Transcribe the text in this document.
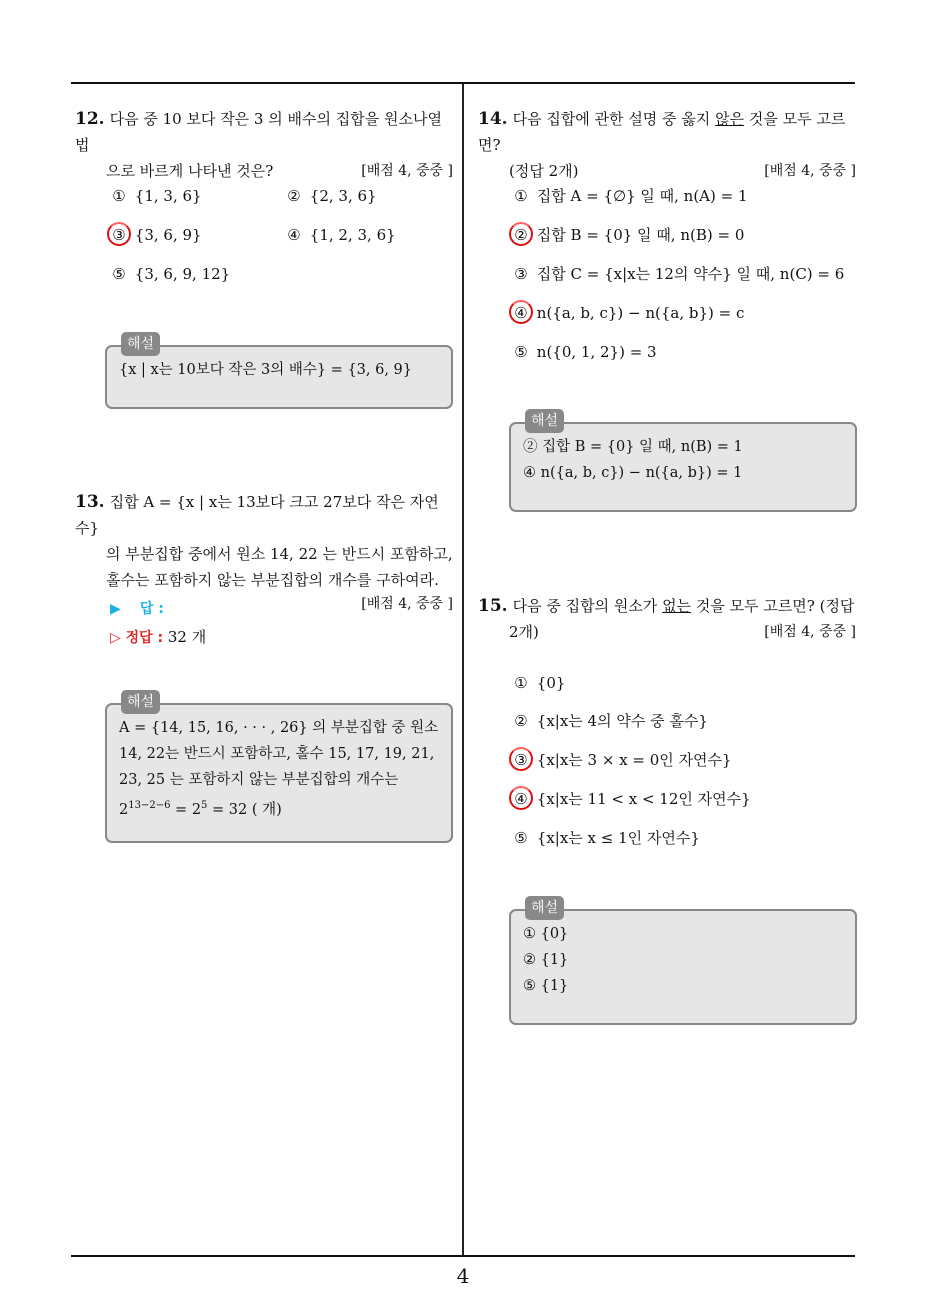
4
12. 다음 중 10 보다 작은 3 의 배수의 집합을 원소나열법
으로 바르게 나타낸 것은?	[배점 4, 중중 ]
① {1, 3, 6}	② {2, 3, 6}
③ {3, 6, 9}	④ {1, 2, 3, 6}
⑤ {3, 6, 9, 12}
해설
{x | x는 10보다 작은 3의 배수} = {3, 6, 9}
13. 집합 A = {x | x는 13보다 크고 27보다 작은 자연수}
의 부분집합 중에서 원소 14, 22 는 반드시 포함하고,
홀수는 포함하지 않는 부분집합의 개수를 구하여라.
[배점 4, 중중 ]
▶ 답 :
▷ 정답 : 32 개
해설
A = {14, 15, 16, · · · , 26} 의 부분집합 중 원소
14, 22는 반드시 포함하고, 홀수 15, 17, 19, 21,
23, 25 는 포함하지 않는 부분집합의 개수는
$2^{13-2-6} = 2^5 = 32$ ( 개)
14. 다음 집합에 관한 설명 중 옳지 않은 것을 모두 고르면?
(정답 2개)	[배점 4, 중중 ]
① 집합 A = {∅} 일 때, n(A) = 1
② 집합 B = {0} 일 때, n(B) = 0
③ 집합 C = {x|x는 12의 약수} 일 때, n(C) = 6
④ n({a, b, c}) − n({a, b}) = c
⑤ n({0, 1, 2}) = 3
해설
② 집합 B = {0} 일 때, n(B) = 1
④ n({a, b, c}) − n({a, b}) = 1
15. 다음 중 집합의 원소가 없는 것을 모두 고르면? (정답
2개)	[배점 4, 중중 ]
① {0}
② {x|x는 4의 약수 중 홀수}
③ {x|x는 3 × x = 0인 자연수}
④ {x|x는 11 < x < 12인 자연수}
⑤ {x|x는 x ≤ 1인 자연수}
해설
① {0}
② {1}
⑤ {1}
